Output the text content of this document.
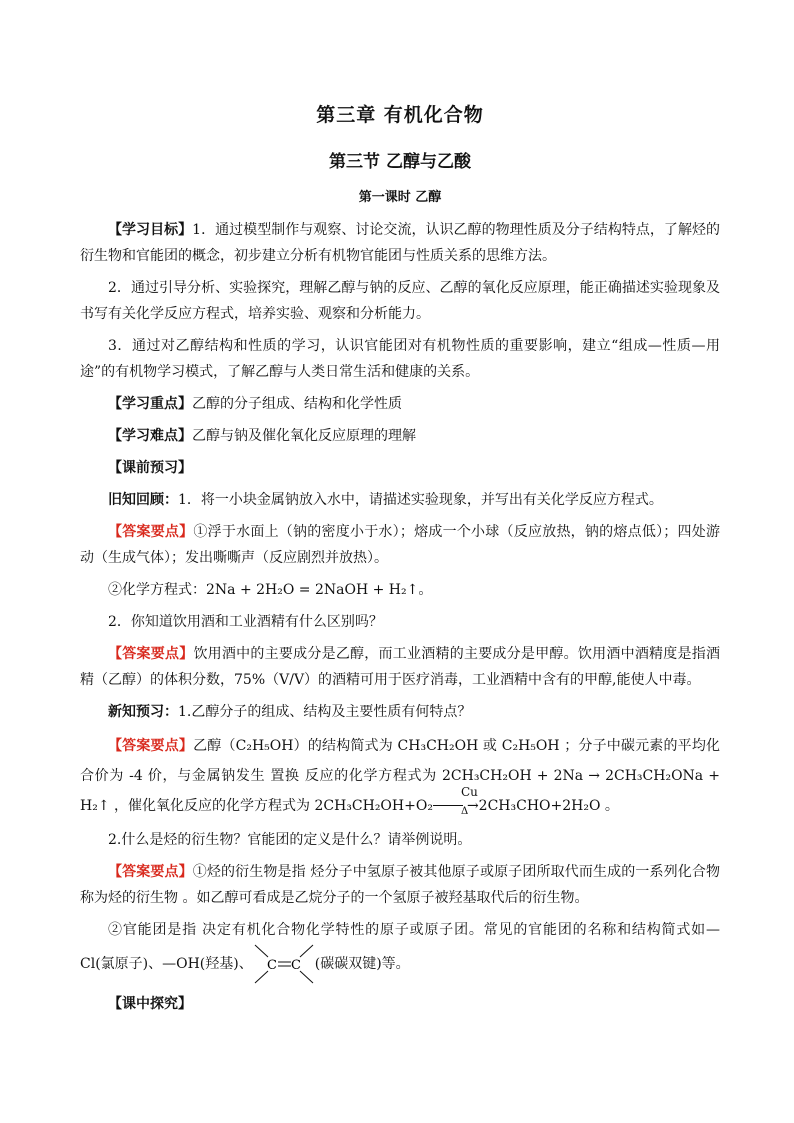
第三章 有机化合物
第三节 乙醇与乙酸
第一课时 乙醇

【学习目标】1．通过模型制作与观察、讨论交流，认识乙醇的物理性质及分子结构特点，了解烃的衍生物和官能团的概念，初步建立分析有机物官能团与性质关系的思维方法。

2．通过引导分析、实验探究，理解乙醇与钠的反应、乙醇的氧化反应原理，能正确描述实验现象及书写有关化学反应方程式，培养实验、观察和分析能力。

3．通过对乙醇结构和性质的学习，认识官能团对有机物性质的重要影响，建立“组成—性质—用途”的有机物学习模式，了解乙醇与人类日常生活和健康的关系。

【学习重点】乙醇的分子组成、结构和化学性质

【学习难点】乙醇与钠及催化氧化反应原理的理解

【课前预习】

旧知回顾：1．将一小块金属钠放入水中，请描述实验现象，并写出有关化学反应方程式。

【答案要点】①浮于水面上（钠的密度小于水）；熔成一个小球（反应放热，钠的熔点低）；四处游动（生成气体）；发出嘶嘶声（反应剧烈并放热）。

②化学方程式：2Na + 2H₂O = 2NaOH + H₂↑。

2．你知道饮用酒和工业酒精有什么区别吗？

【答案要点】饮用酒中的主要成分是乙醇，而工业酒精的主要成分是甲醇。饮用酒中酒精度是指酒精（乙醇）的体积分数，75%（V/V）的酒精可用于医疗消毒，工业酒精中含有的甲醇,能使人中毒。

新知预习：1.乙醇分子的组成、结构及主要性质有何特点？

【答案要点】乙醇（C₂H₅OH）的结构简式为 CH₃CH₂OH 或 C₂H₅OH ；分子中碳元素的平均化合价为 -4 价，与金属钠发生 置换 反应的化学方程式为 2CH₃CH₂OH + 2Na → 2CH₃CH₂ONa + H₂↑ ，催化氧化反应的化学方程式为 2CH₃CH₂OH+O₂
Cu
Δ
→2CH₃CHO+2H₂O 。

2.什么是烃的衍生物？官能团的定义是什么？请举例说明。

【答案要点】①烃的衍生物是指 烃分子中氢原子被其他原子或原子团所取代而生成的一系列化合物称为烃的衍生物 。如乙醇可看成是乙烷分子的一个氢原子被羟基取代后的衍生物。

②官能团是指 决定有机化合物化学特性的原子或原子团。常见的官能团的名称和结构简式如—Cl(氯原子)、—OH(羟基)、 C C (碳碳双键)等。

【课中探究】
